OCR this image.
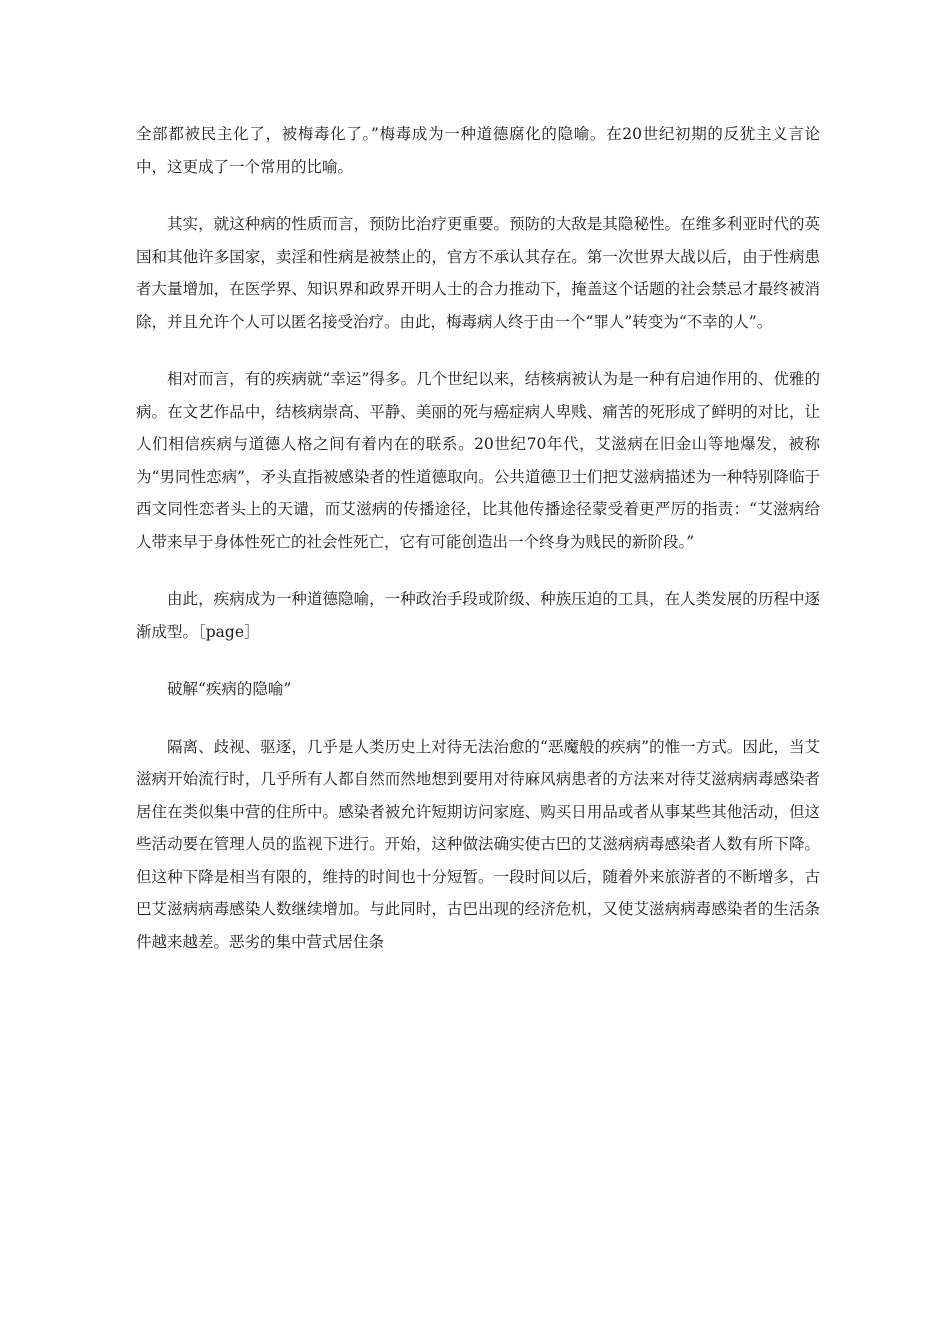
全部都被民主化了，被梅毒化了。”梅毒成为一种道德腐化的隐喻。在20世纪初期的反犹主义言论中，这更成了一个常用的比喻。

其实，就这种病的性质而言，预防比治疗更重要。预防的大敌是其隐秘性。在维多利亚时代的英国和其他许多国家，卖淫和性病是被禁止的，官方不承认其存在。第一次世界大战以后，由于性病患者大量增加，在医学界、知识界和政界开明人士的合力推动下，掩盖这个话题的社会禁忌才最终被消除，并且允许个人可以匿名接受治疗。由此，梅毒病人终于由一个“罪人”转变为“不幸的人”。

相对而言，有的疾病就“幸运”得多。几个世纪以来，结核病被认为是一种有启迪作用的、优雅的病。在文艺作品中，结核病崇高、平静、美丽的死与癌症病人卑贱、痛苦的死形成了鲜明的对比，让人们相信疾病与道德人格之间有着内在的联系。20世纪70年代，艾滋病在旧金山等地爆发，被称为“男同性恋病”，矛头直指被感染者的性道德取向。公共道德卫士们把艾滋病描述为一种特别降临于西文同性恋者头上的天谴，而艾滋病的传播途径，比其他传播途径蒙受着更严厉的指责：“艾滋病给人带来早于身体性死亡的社会性死亡，它有可能创造出一个终身为贱民的新阶段。”

由此，疾病成为一种道德隐喻，一种政治手段或阶级、种族压迫的工具，在人类发展的历程中逐渐成型。［page］

破解“疾病的隐喻”

隔离、歧视、驱逐，几乎是人类历史上对待无法治愈的“恶魔般的疾病”的惟一方式。因此，当艾滋病开始流行时，几乎所有人都自然而然地想到要用对待麻风病患者的方法来对待艾滋病病毒感染者居住在类似集中营的住所中。感染者被允许短期访问家庭、购买日用品或者从事某些其他活动，但这些活动要在管理人员的监视下进行。开始，这种做法确实使古巴的艾滋病病毒感染者人数有所下降。但这种下降是相当有限的，维持的时间也十分短暂。一段时间以后，随着外来旅游者的不断增多，古巴艾滋病病毒感染人数继续增加。与此同时，古巴出现的经济危机，又使艾滋病病毒感染者的生活条件越来越差。恶劣的集中营式居住条
